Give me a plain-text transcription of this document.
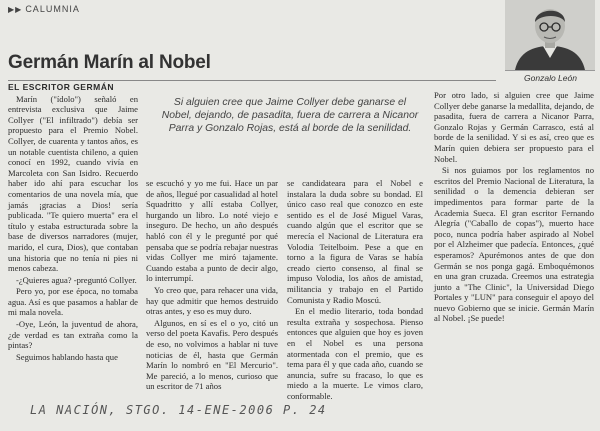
▶▶ CALUMNIA
Germán Marín al Nobel
Gonzalo León

EL ESCRITOR GERMÁN

Marín ("ídolo") señaló en entrevista exclusiva que Jaime Collyer ("El infiltrado") debía ser propuesto para el Premio Nobel. Collyer, de cuarenta y tantos años, es un notable cuentista chileno, a quien conocí en 1992, cuando vivía en Marcoleta con San Isidro. Recuerdo haber ido ahí para escuchar los comentarios de una novela mía, que jamás ¡gracias a Dios! sería publicada. "Te quiero muerta" era el título y estaba estructurada sobre la base de diversos narradores (mujer, marido, el cura, Dios), que contaban una historia que no tenía ni pies ni menos cabeza.

-¿Quieres agua? -preguntó Collyer.

Pero yo, por ese época, no tomaba agua. Así es que pasamos a hablar de mi mala novela.

-Oye, León, la juventud de ahora, ¿de verdad es tan extraña como la pintas?

Seguimos hablando hasta que

Si alguien cree que Jaime Collyer debe ganarse el Nobel, dejando, de pasadita, fuera de carrera a Nicanor Parra y Gonzalo Rojas, está al borde de la senilidad.

se escuchó y yo me fui. Hace un par de años, llegué por casualidad al hotel Squadritto y allí estaba Collyer, hurgando un libro. Lo noté viejo e inseguro. De hecho, un año después habló con él y le pregunté por qué pensaba que se podría rebajar nuestras vidas Collyer me miró tajamente. Cuando estaba a punto de decir algo, lo interrumpí.

Yo creo que, para rehacer una vida, hay que admitir que hemos destruido otras antes, y eso es muy duro.

Algunos, en sí es el o yo, citó un verso del poeta Kavafis. Pero después de eso, no volvimos a hablar ni tuve noticias de él, hasta que Germán Marín lo nombró en "El Mercurio". Me pareció, a lo menos, curioso que un escritor de 71 años

se candidateara para el Nobel e instalara la duda sobre su bondad. El único caso real que conozco en este sentido es el de José Miguel Varas, cuando algún que el escritor que se merecía el Nacional de Literatura era Volodia Teitelboim. Pese a que en torno a la figura de Varas se había creado cierto consenso, al final se impuso Volodia, los años de amistad, militancia y trabajo en el Partido Comunista y Radio Moscú.

En el medio literario, toda bondad resulta extraña y sospechosa. Pienso entonces que alguien que hoy es joven en el Nobel es una persona atormentada con el premio, que es tema para él y que cada año, cuando se anuncia, sufre su fracaso, lo que es miedo a la muerte. Le vimos claro, conformable.

Por otro lado, si alguien cree que Jaime Collyer debe ganarse la medallita, dejando, de pasadita, fuera de carrera a Nicanor Parra, Gonzalo Rojas y Germán Carrasco, está al borde de la senilidad. Y si es así, creo que es Marín quien debiera ser propuesto para el Nobel.

Si nos guiamos por los reglamentos no escritos del Premio Nacional de Literatura, la senilidad o la demencia debieran ser impedimentos para formar parte de la Academia Sueca. El gran escritor Fernando Alegría ("Caballo de copas"), muerto hace poco, nunca podría haber aspirado al Nobel por el Alzheimer que padecía. Entonces, ¿qué esperamos? Apurémonos antes de que don Germán se nos ponga gagá. Emboquémonos en una gran cruzada. Creemos una estrategia junto a "The Clinic", la Universidad Diego Portales y "LUN" para conseguir el apoyo del nuevo Gobierno que se inicie. Germán Marín al Nobel. ¡Se puede!

LA NACIÓN, STGO. 14-ENE-2006 P. 24
